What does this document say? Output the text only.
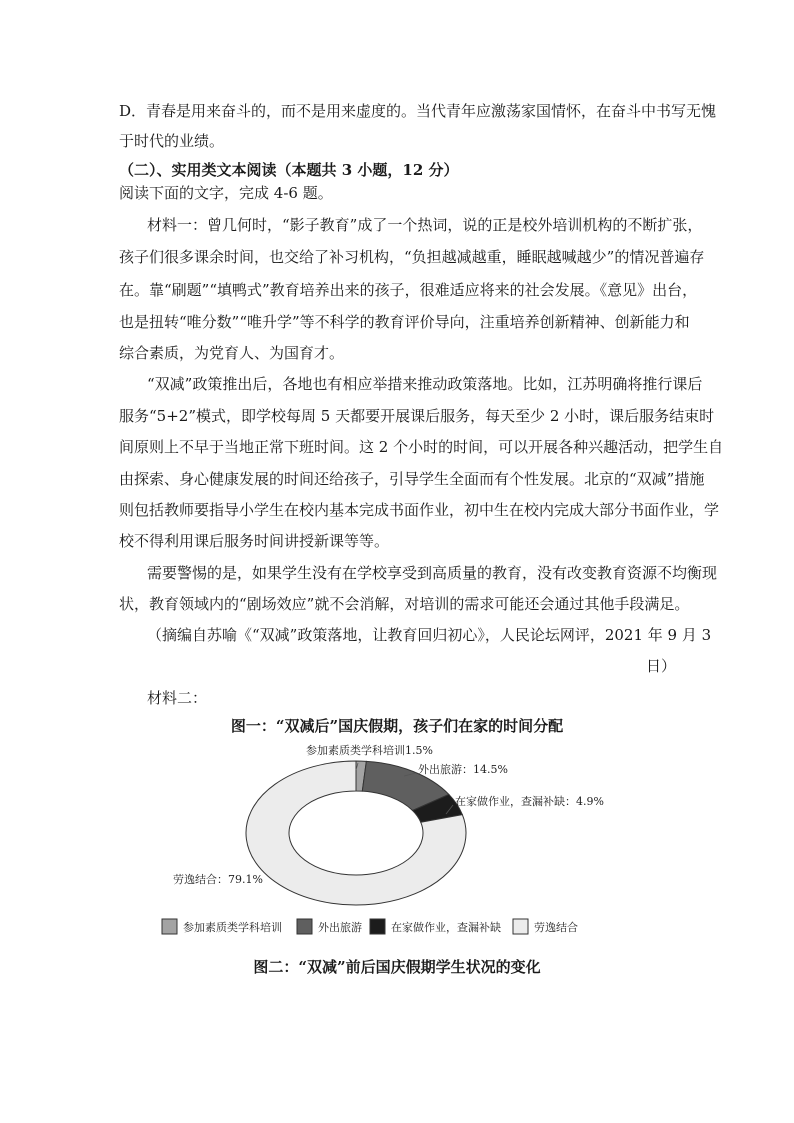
D．青春是用来奋斗的，而不是用来虚度的。当代青年应激荡家国情怀，在奋斗中书写无愧
于时代的业绩。
（二）、实用类文本阅读（本题共 3 小题，12 分）
阅读下面的文字，完成 4-6 题。
材料一：曾几何时，“影子教育”成了一个热词，说的正是校外培训机构的不断扩张，
孩子们很多课余时间，也交给了补习机构，“负担越减越重，睡眠越喊越少”的情况普遍存
在。靠“刷题”“填鸭式”教育培养出来的孩子，很难适应将来的社会发展。《意见》出台，
也是扭转“唯分数”“唯升学”等不科学的教育评价导向，注重培养创新精神、创新能力和
综合素质，为党育人、为国育才。
“双减”政策推出后，各地也有相应举措来推动政策落地。比如，江苏明确将推行课后
服务“5+2”模式，即学校每周 5 天都要开展课后服务，每天至少 2 小时，课后服务结束时
间原则上不早于当地正常下班时间。这 2 个小时的时间，可以开展各种兴趣活动，把学生自
由探索、身心健康发展的时间还给孩子，引导学生全面而有个性发展。北京的“双减”措施
则包括教师要指导小学生在校内基本完成书面作业，初中生在校内完成大部分书面作业，学
校不得利用课后服务时间讲授新课等等。
需要警惕的是，如果学生没有在学校享受到高质量的教育，没有改变教育资源不均衡现
状，教育领域内的“剧场效应”就不会消解，对培训的需求可能还会通过其他手段满足。
（摘编自苏喻《“双减”政策落地，让教育回归初心》，人民论坛网评，2021 年 9 月 3
日）
材料二：
图一：“双减后”国庆假期，孩子们在家的时间分配
参加素质类学科培训1.5%
外出旅游：14.5%
在家做作业，查漏补缺：4.9%
劳逸结合：79.1%
参加素质类学科培训	外出旅游	在家做作业，查漏补缺	劳逸结合
图二：“双减”前后国庆假期学生状况的变化
